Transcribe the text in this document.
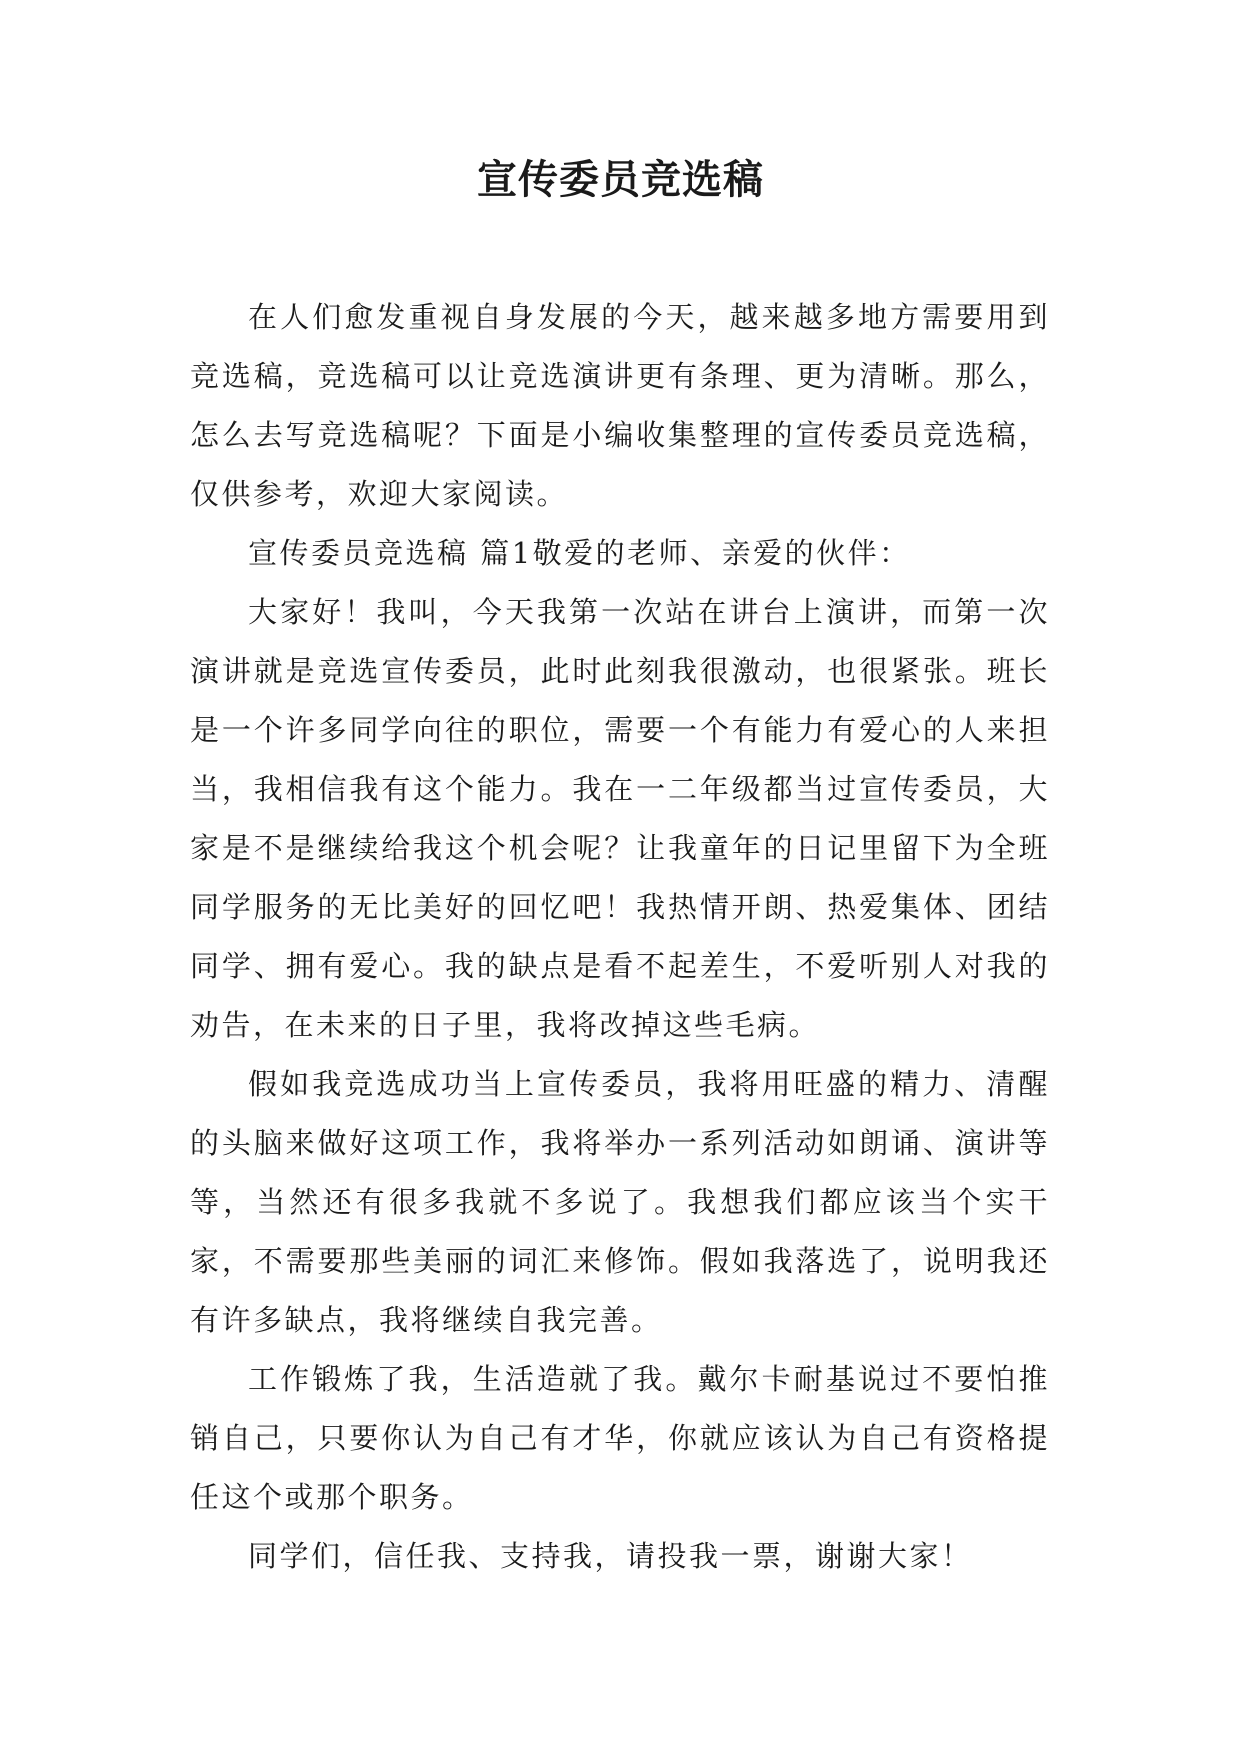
宣传委员竞选稿

在人们愈发重视自身发展的今天，越来越多地方需要用到竞选稿，竞选稿可以让竞选演讲更有条理、更为清晰。那么，怎么去写竞选稿呢？下面是小编收集整理的宣传委员竞选稿，仅供参考，欢迎大家阅读。

宣传委员竞选稿 篇1敬爱的老师、亲爱的伙伴：

大家好！我叫，今天我第一次站在讲台上演讲，而第一次演讲就是竞选宣传委员，此时此刻我很激动，也很紧张。班长是一个许多同学向往的职位，需要一个有能力有爱心的人来担当，我相信我有这个能力。我在一二年级都当过宣传委员，大家是不是继续给我这个机会呢？让我童年的日记里留下为全班同学服务的无比美好的回忆吧！我热情开朗、热爱集体、团结同学、拥有爱心。我的缺点是看不起差生，不爱听别人对我的劝告，在未来的日子里，我将改掉这些毛病。

假如我竞选成功当上宣传委员，我将用旺盛的精力、清醒的头脑来做好这项工作，我将举办一系列活动如朗诵、演讲等等，当然还有很多我就不多说了。我想我们都应该当个实干家，不需要那些美丽的词汇来修饰。假如我落选了，说明我还有许多缺点，我将继续自我完善。

工作锻炼了我，生活造就了我。戴尔卡耐基说过不要怕推销自己，只要你认为自己有才华，你就应该认为自己有资格提任这个或那个职务。

同学们，信任我、支持我，请投我一票，谢谢大家！
